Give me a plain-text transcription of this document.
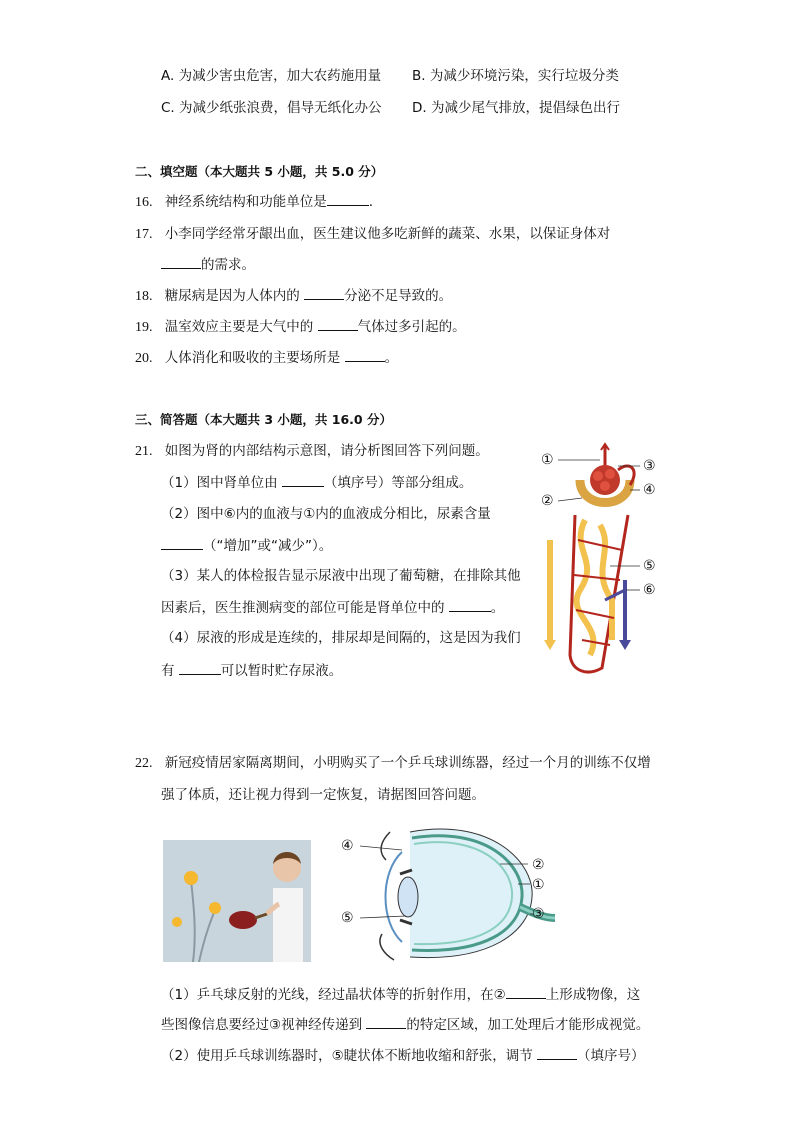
A. 为减少害虫危害，加大农药施用量 B. 为减少环境污染，实行垃圾分类
C. 为减少纸张浪费，倡导无纸化办公 D. 为减少尾气排放，提倡绿色出行
二、填空题（本大题共 5 小题，共 5.0 分）
16. 神经系统结构和功能单位是	.
17. 小李同学经常牙龈出血，医生建议他多吃新鲜的蔬菜、水果，以保证身体对
的需求。
18. 糖尿病是因为人体内的	分泌不足导致的。
19. 温室效应主要是大气中的	气体过多引起的。
20. 人体消化和吸收的主要场所是	。
三、简答题（本大题共 3 小题，共 16.0 分）
21. 如图为肾的内部结构示意图，请分析图回答下列问题。
（1）图中肾单位由	（填序号）等部分组成。
（2）图中⑥内的血液与①内的血液成分相比，尿素含量
（“增加”或“减少”）。
（3）某人的体检报告显示尿液中出现了葡萄糖，在排除其他
因素后，医生推测病变的部位可能是肾单位中的	。
（4）尿液的形成是连续的，排尿却是间隔的，这是因为我们
有	可以暂时贮存尿液。
①
②
③
④
⑤
⑥
22. 新冠疫情居家隔离期间，小明购买了一个乒乓球训练器，经过一个月的训练不仅增
强了体质，还让视力得到一定恢复，请据图回答问题。
④
⑤
②
①
③
（1）乒乓球反射的光线，经过晶状体等的折射作用，在②	上形成物像，这
些图像信息要经过③视神经传递到	的特定区域，加工处理后才能形成视觉。
（2）使用乒乓球训练器时，⑤睫状体不断地收缩和舒张，调节	（填序号）
